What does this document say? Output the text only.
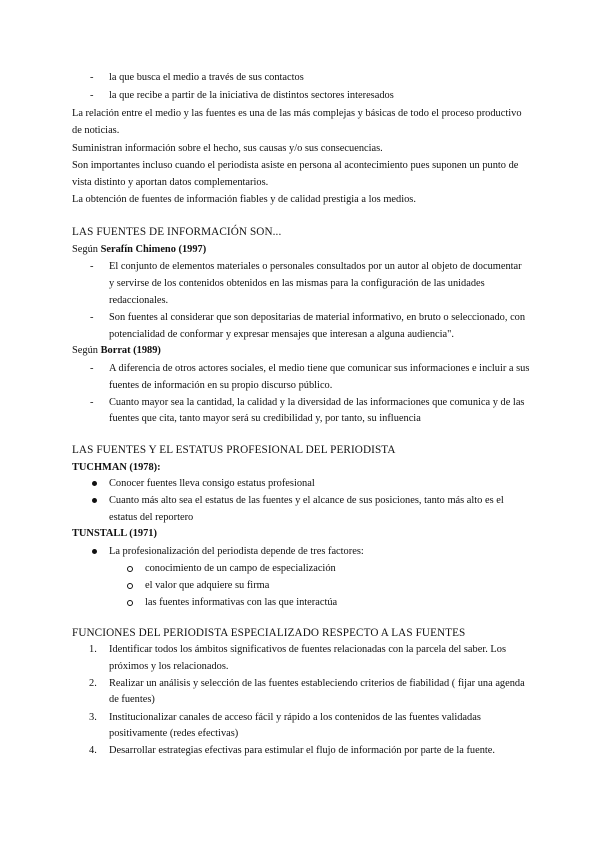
- la que busca el medio a través de sus contactos
- la que recibe a partir de la iniciativa de distintos sectores interesados
La relación entre el medio y las fuentes es una de las más complejas y básicas de todo el proceso productivo
de noticias.
Suministran información sobre el hecho, sus causas y/o sus consecuencias.
Son importantes incluso cuando el periodista asiste en persona al acontecimiento pues suponen un punto de
vista distinto y aportan datos complementarios.
La obtención de fuentes de información fiables y de calidad prestigia a los medios.
LAS FUENTES DE INFORMACIÓN SON...
Según Serafín Chimeno (1997)
- El conjunto de elementos materiales o personales consultados por un autor al objeto de documentar
y servirse de los contenidos obtenidos en las mismas para la configuración de las unidades
redaccionales.
- Son fuentes al considerar que son depositarias de material informativo, en bruto o seleccionado, con
potencialidad de conformar y expresar mensajes que interesan a alguna audiencia".
Según Borrat (1989)
- A diferencia de otros actores sociales, el medio tiene que comunicar sus informaciones e incluir a sus
fuentes de información en su propio discurso público.
- Cuanto mayor sea la cantidad, la calidad y la diversidad de las informaciones que comunica y de las
fuentes que cita, tanto mayor será su credibilidad y, por tanto, su influencia
LAS FUENTES Y EL ESTATUS PROFESIONAL DEL PERIODISTA
TUCHMAN (1978):
Conocer fuentes lleva consigo estatus profesional
Cuanto más alto sea el estatus de las fuentes y el alcance de sus posiciones, tanto más alto es el
estatus del reportero
TUNSTALL (1971)
La profesionalización del periodista depende de tres factores:
conocimiento de un campo de especialización
el valor que adquiere su firma
las fuentes informativas con las que interactúa
FUNCIONES DEL PERIODISTA ESPECIALIZADO RESPECTO A LAS FUENTES
1. Identificar todos los ámbitos significativos de fuentes relacionadas con la parcela del saber. Los
próximos y los relacionados.
2. Realizar un análisis y selección de las fuentes estableciendo criterios de fiabilidad ( fijar una agenda
de fuentes)
3. Institucionalizar canales de acceso fácil y rápido a los contenidos de las fuentes validadas
positivamente (redes efectivas)
4. Desarrollar estrategias efectivas para estimular el flujo de información por parte de la fuente.
